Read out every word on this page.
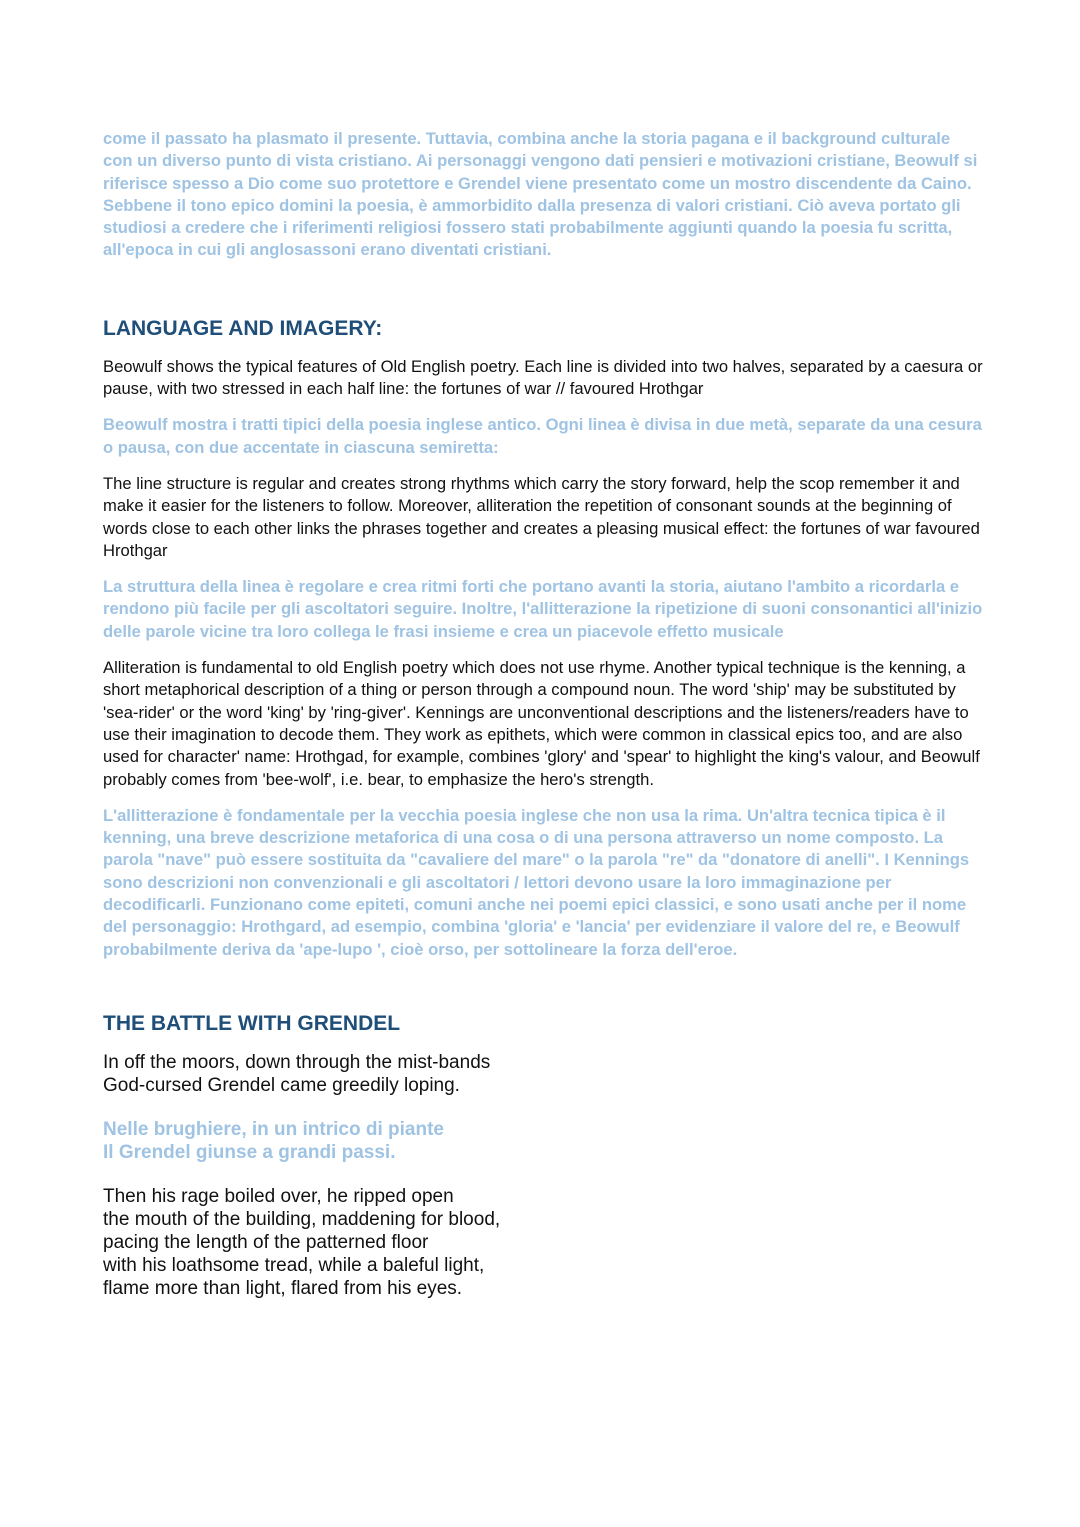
come il passato ha plasmato il presente. Tuttavia, combina anche la storia pagana e il background culturale con un diverso punto di vista cristiano. Ai personaggi vengono dati pensieri e motivazioni cristiane, Beowulf si riferisce spesso a Dio come suo protettore e Grendel viene presentato come un mostro discendente da Caino. Sebbene il tono epico domini la poesia, è ammorbidito dalla presenza di valori cristiani. Ciò aveva portato gli studiosi a credere che i riferimenti religiosi fossero stati probabilmente aggiunti quando la poesia fu scritta, all'epoca in cui gli anglosassoni erano diventati cristiani.

LANGUAGE AND IMAGERY:

Beowulf shows the typical features of Old English poetry. Each line is divided into two halves, separated by a caesura or pause, with two stressed in each half line: the fortunes of war // favoured Hrothgar

Beowulf mostra i tratti tipici della poesia inglese antico. Ogni linea è divisa in due metà, separate da una cesura o pausa, con due accentate in ciascuna semiretta:

The line structure is regular and creates strong rhythms which carry the story forward, help the scop remember it and make it easier for the listeners to follow. Moreover, alliteration the repetition of consonant sounds at the beginning of words close to each other links the phrases together and creates a pleasing musical effect: the fortunes of war favoured Hrothgar

La struttura della linea è regolare e crea ritmi forti che portano avanti la storia, aiutano l'ambito a ricordarla e rendono più facile per gli ascoltatori seguire. Inoltre, l'allitterazione la ripetizione di suoni consonantici all'inizio delle parole vicine tra loro collega le frasi insieme e crea un piacevole effetto musicale

Alliteration is fundamental to old English poetry which does not use rhyme. Another typical technique is the kenning, a short metaphorical description of a thing or person through a compound noun. The word 'ship' may be substituted by 'sea-rider' or the word 'king' by 'ring-giver'. Kennings are unconventional descriptions and the listeners/readers have to use their imagination to decode them. They work as epithets, which were common in classical epics too, and are also used for character' name: Hrothgad, for example, combines 'glory' and 'spear' to highlight the king's valour, and Beowulf probably comes from 'bee-wolf', i.e. bear, to emphasize the hero's strength.

L'allitterazione è fondamentale per la vecchia poesia inglese che non usa la rima. Un'altra tecnica tipica è il kenning, una breve descrizione metaforica di una cosa o di una persona attraverso un nome composto. La parola "nave" può essere sostituita da "cavaliere del mare" o la parola "re" da "donatore di anelli". I Kennings sono descrizioni non convenzionali e gli ascoltatori / lettori devono usare la loro immaginazione per decodificarli. Funzionano come epiteti, comuni anche nei poemi epici classici, e sono usati anche per il nome del personaggio: Hrothgard, ad esempio, combina 'gloria' e 'lancia' per evidenziare il valore del re, e Beowulf probabilmente deriva da 'ape-lupo ', cioè orso, per sottolineare la forza dell'eroe.

THE BATTLE WITH GRENDEL

In off the moors, down through the mist-bands
God-cursed Grendel came greedily loping.

Nelle brughiere, in un intrico di piante
Il Grendel giunse a grandi passi.

Then his rage boiled over, he ripped open
the mouth of the building, maddening for blood,
pacing the length of the patterned floor
with his loathsome tread, while a baleful light,
flame more than light, flared from his eyes.
